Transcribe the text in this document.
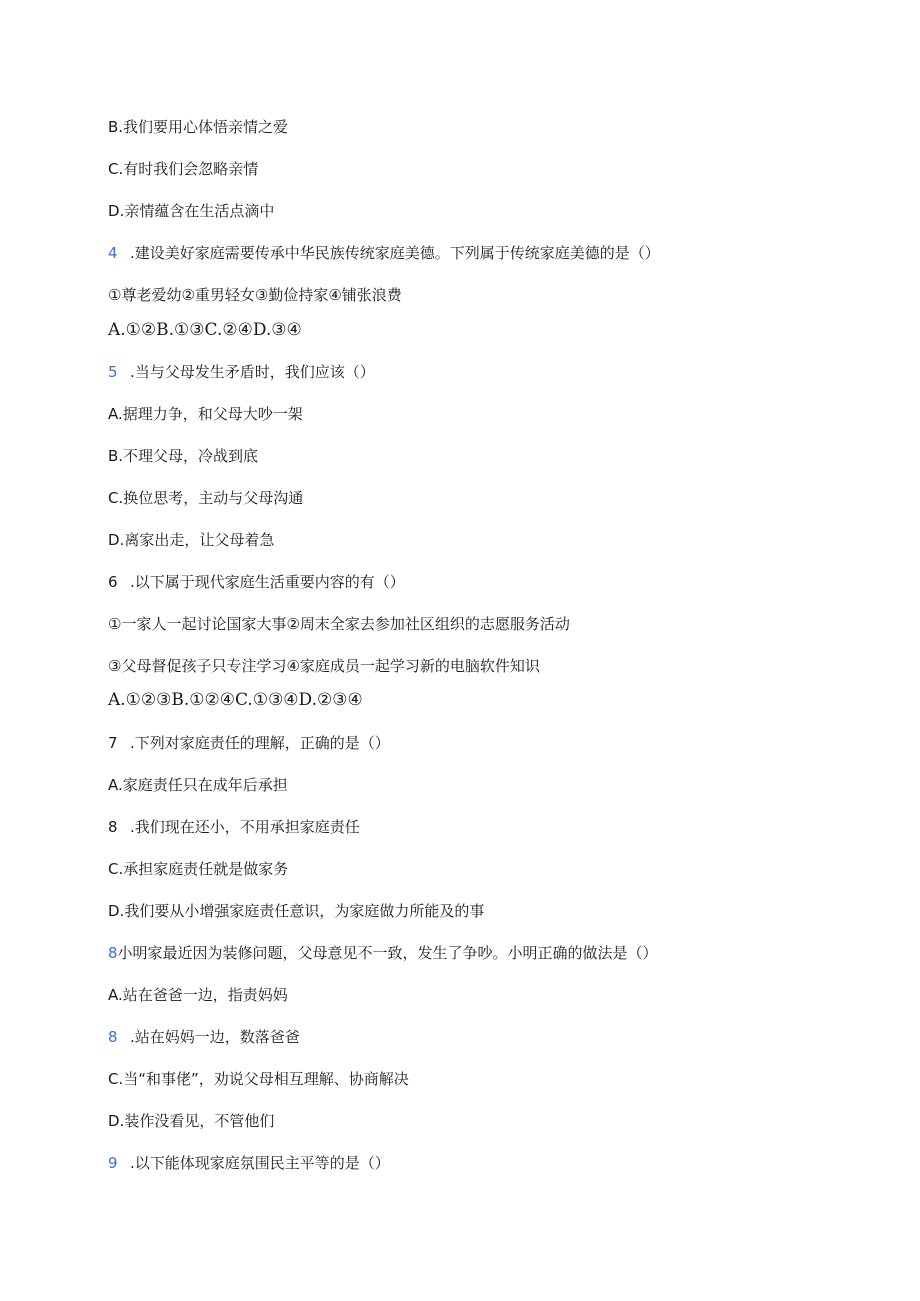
B.我们要用心体悟亲情之爱
C.有时我们会忽略亲情
D.亲情蕴含在生活点滴中
4 .建设美好家庭需要传承中华民族传统家庭美德。下列属于传统家庭美德的是（）
①尊老爱幼②重男轻女③勤俭持家④铺张浪费
A.①②B.①③C.②④D.③④
5 .当与父母发生矛盾时，我们应该（）
A.据理力争，和父母大吵一架
B.不理父母，冷战到底
C.换位思考，主动与父母沟通
D.离家出走，让父母着急
6 .以下属于现代家庭生活重要内容的有（）
①一家人一起讨论国家大事②周末全家去参加社区组织的志愿服务活动
③父母督促孩子只专注学习④家庭成员一起学习新的电脑软件知识
A.①②③B.①②④C.①③④D.②③④
7 .下列对家庭责任的理解，正确的是（）
A.家庭责任只在成年后承担
8 .我们现在还小，不用承担家庭责任
C.承担家庭责任就是做家务
D.我们要从小增强家庭责任意识，为家庭做力所能及的事
8小明家最近因为装修问题，父母意见不一致，发生了争吵。小明正确的做法是（）
A.站在爸爸一边，指责妈妈
8 .站在妈妈一边，数落爸爸
C.当“和事佬”，劝说父母相互理解、协商解决
D.装作没看见，不管他们
9 .以下能体现家庭氛围民主平等的是（）
